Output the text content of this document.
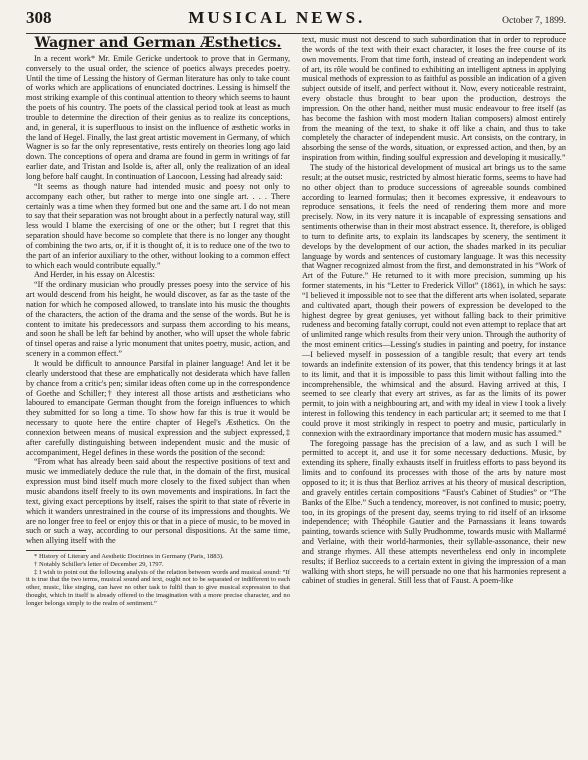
308	MUSICAL NEWS.	October 7, 1899.
Wagner and German Æsthetics.

In a recent work* Mr. Emile Gericke undertook to prove that in Germany, conversely to the usual order, the science of poetics always precedes poetry. Until the time of Lessing the history of German literature has only to take count of works which are applications of enunciated doctrines. Lessing is himself the most striking example of this continual attention to theory which seems to haunt the poets of his country. The poets of the classical period took at least as much trouble to determine the direction of their genius as to realize its conceptions, and, in general, it is superfluous to insist on the influence of æsthetic works in the land of Hegel. Finally, the last great artistic movement in Germany, of which Wagner is so far the only representative, rests entirely on theories long ago laid down. The conceptions of opera and drama are found in germ in writings of far earlier date, and Tristan and Isolde is, after all, only the realization of an ideal long before half caught. In continuation of Laocoon, Lessing had already said:

“It seems as though nature had intended music and poesy not only to accompany each other, but rather to merge into one single art. . . . There certainly was a time when they formed but one and the same art. I do not mean to say that their separation was not brought about in a perfectly natural way, still less would I blame the exercising of one or the other; but I regret that this separation should have become so complete that there is no longer any thought of combining the two arts, or, if it is thought of, it is to reduce one of the two to the part of an inferior auxiliary to the other, without looking to a common effect to which each would contribute equally.”

And Herder, in his essay on Alcestis:

“If the ordinary musician who proudly presses poesy into the service of his art would descend from his height, he would discover, as far as the taste of the nation for which he composed allowed, to translate into his music the thoughts of the characters, the action of the drama and the sense of the words. But he is content to imitate his predecessors and surpass them according to his means, and soon he shall be left far behind by another, who will upset the whole fabric of tinsel operas and raise a lyric monument that unites poetry, music, action, and scenery in a common effect.”

It would be difficult to announce Parsifal in plainer language! And let it be clearly understood that these are emphatically not desiderata which have fallen by chance from a critic's pen; similar ideas often come up in the correspondence of Goethe and Schiller;† they interest all those artists and æstheticians who laboured to emancipate German thought from the foreign influences to which they submitted for so long a time. To show how far this is true it would be necessary to quote here the entire chapter of Hegel's Æsthetics. On the connexion between means of musical expression and the subject expressed,‡ after carefully distinguishing between independent music and the music of accompaniment, Hegel defines in these words the position of the second:

“From what has already been said about the respective positions of text and music we immediately deduce the rule that, in the domain of the first, musical expression must bind itself much more closely to the fixed subject than when music abandons itself freely to its own movements and inspirations. In fact the text, giving exact perceptions by itself, raises the spirit to that state of rêverie in which it wanders unrestrained in the course of its impressions and thoughts. We are no longer free to feel or enjoy this or that in a piece of music, to be moved in such or such a way, according to our personal dispositions. At the same time, when allying itself with the

* History of Literary and Aesthetic Doctrines in Germany (Paris, 1883).

† Notably Schiller's letter of December 29, 1797.

‡ I wish to point out the following analysis of the relation between words and musical sound: “If it is true that the two terms, musical sound and text, ought not to be separated or indifferent to each other, music, like singing, can have no other task to fulfil than to give musical expression to that thought, which in itself is already offered to the imagination with a more precise character, and no longer belongs simply to the realm of sentiment.”

text, music must not descend to such subordination that in order to reproduce the words of the text with their exact character, it loses the free course of its own movements. From that time forth, instead of creating an independent work of art, its rôle would be confined to exhibiting an intelligent aptness in applying musical methods of expression to as faithful as possible an indication of a given subject outside of itself, and perfect without it. Now, every noticeable restraint, every obstacle thus brought to bear upon the production, destroys the impression. On the other hand, neither must music endeavour to free itself (as has become the fashion with most modern Italian composers) almost entirely from the meaning of the text, to shake it off like a chain, and thus to take completely the character of independent music. Art consists, on the contrary, in absorbing the sense of the words, situation, or expressed action, and then, by an inspiration from within, finding soulful expression and developing it musically.”

The study of the historical development of musical art brings us to the same result; at the outset music, restricted by almost hieratic forms, seems to have had no other object than to produce successions of agreeable sounds combined according to learned formulas; then it becomes expressive, it endeavours to reproduce sensations, it feels the need of rendering them more and more precisely. Now, in its very nature it is incapable of expressing sensations and sentiments otherwise than in their most abstract essence. It, therefore, is obliged to turn to definite arts, to explain its landscapes by scenery, the sentiment it develops by the development of our action, the shades marked in its peculiar language by words and sentences of customary language. It was this necessity that Wagner recognized almost from the first, and demonstrated in his “Work of Art of the Future.” He returned to it with more precision, summing up his former statements, in his “Letter to Frederick Villot” (1861), in which he says: “I believed it impossible not to see that the different arts when isolated, separate and cultivated apart, though their powers of expression be developed to the highest degree by great geniuses, yet without falling back to their primitive rudeness and becoming fatally corrupt, could not even attempt to replace that art of unlimited range which results from their very union. Through the authority of the most eminent critics—Lessing's studies in painting and poetry, for instance—I believed myself in possession of a tangible result; that every art tends towards an indefinite extension of its power, that this tendency brings it at last to its limit, and that it is impossible to pass this limit without falling into the incomprehensible, the whimsical and the absurd. Having arrived at this, I seemed to see clearly that every art strives, as far as the limits of its power permit, to join with a neighbouring art, and with my ideal in view I took a lively interest in following this tendency in each particular art; it seemed to me that I could prove it most strikingly in respect to poetry and music, particularly in connexion with the extraordinary importance that modern music has assumed.”

The foregoing passage has the precision of a law, and as such I will be permitted to accept it, and use it for some necessary deductions. Music, by extending its sphere, finally exhausts itself in fruitless efforts to pass beyond its limits and to confound its processes with those of the arts by nature most opposed to it; it is thus that Berlioz arrives at his theory of musical description, and gravely entitles certain compositions “Faust's Cabinet of Studies” or “The Banks of the Elbe.” Such a tendency, moreover, is not confined to music; poetry, too, in its gropings of the present day, seems trying to rid itself of an irksome independence; with Théophile Gautier and the Parnassians it leans towards painting, towards science with Sully Prudhomme, towards music with Mallarmé and Verlaine, with their world-harmonies, their syllable-assonance, their new and strange rhymes. All these attempts nevertheless end only in incomplete results; if Berlioz succeeds to a certain extent in giving the impression of a man walking with short steps, he will persuade no one that his harmonies represent a cabinet of studies in general. Still less that of Faust. A poem-like
